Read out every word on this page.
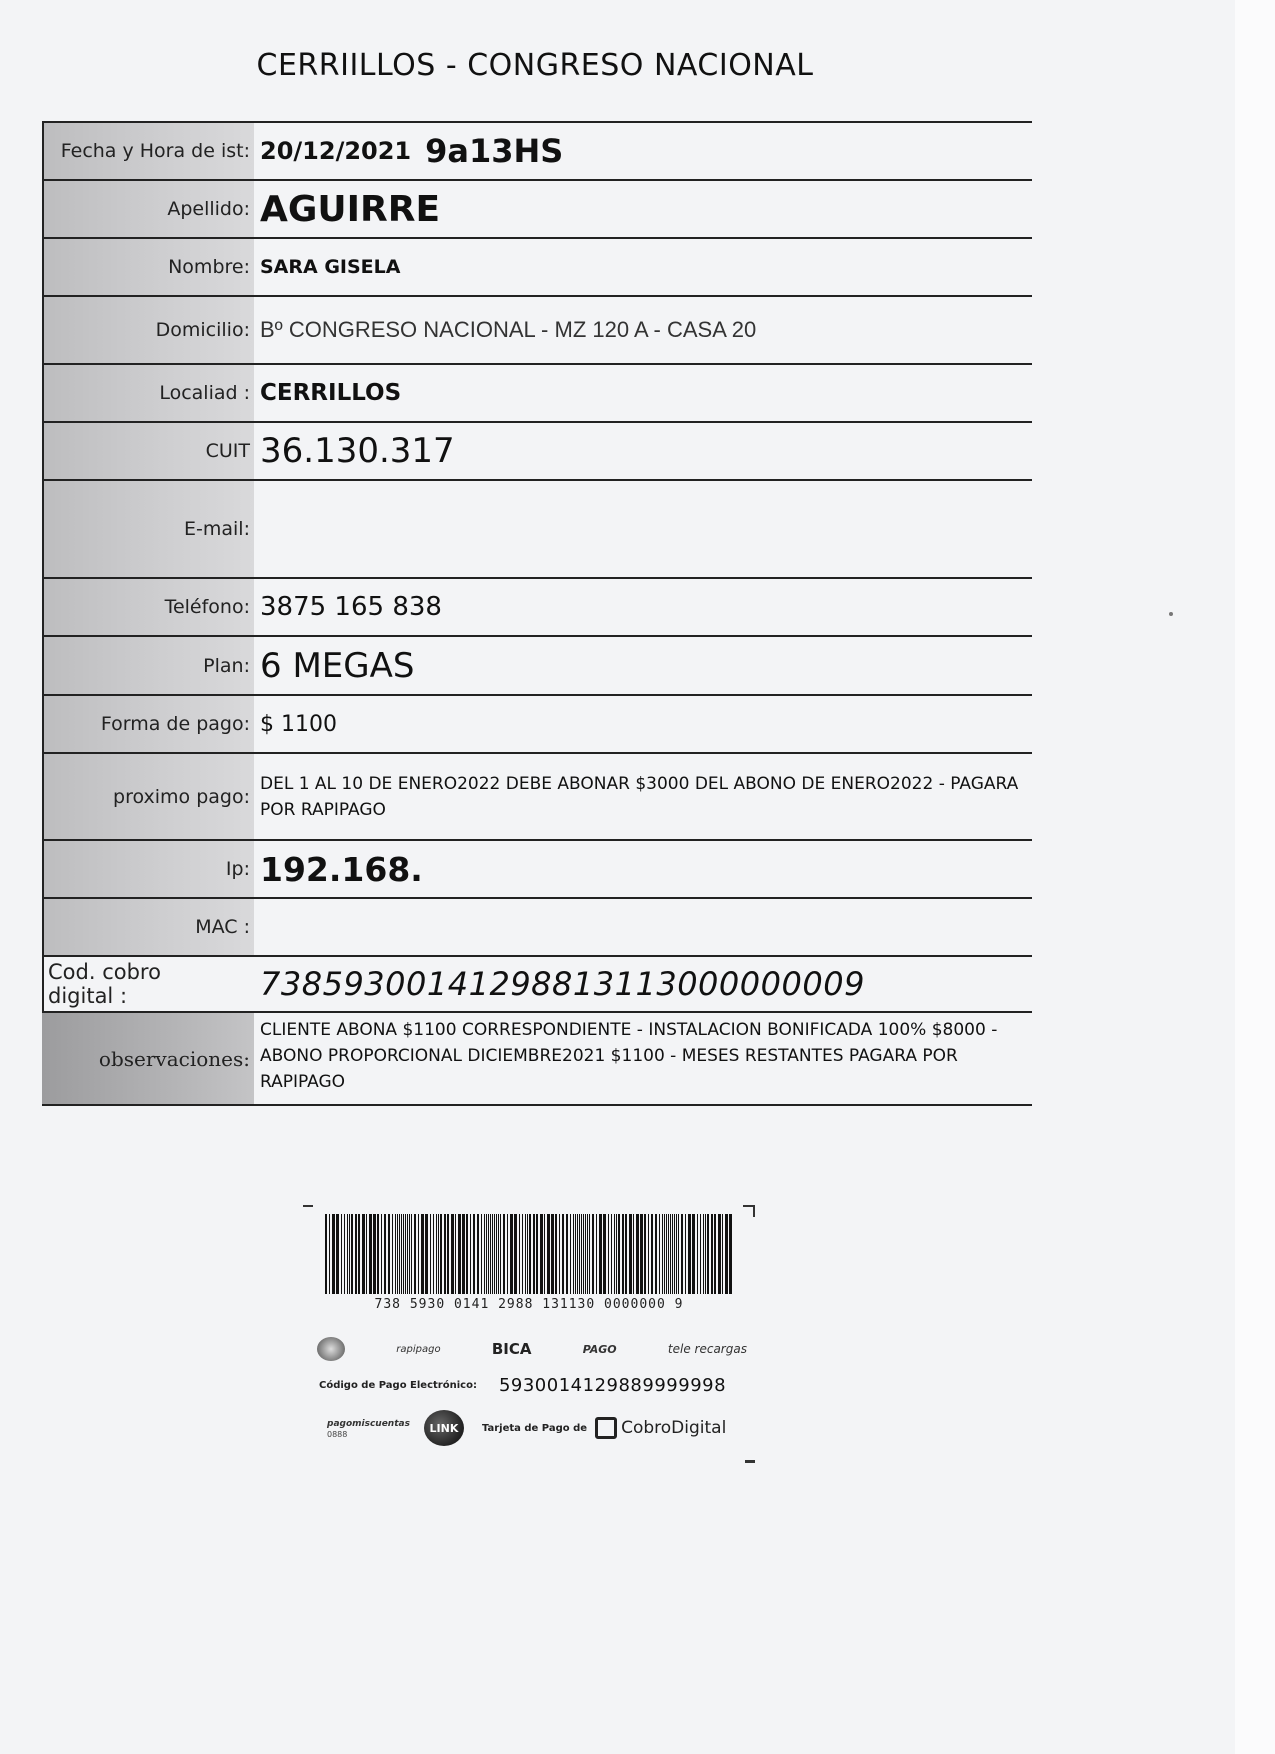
CERRIILLOS - CONGRESO NACIONAL
Fecha y Hora de ist: 20/12/2021 9a13HS
Apellido: AGUIRRE
Nombre: SARA GISELA
Domicilio: Bº CONGRESO NACIONAL - MZ 120 A - CASA 20
Localiad : CERRILLOS
CUIT 36.130.317
E-mail:
Teléfono: 3875 165 838
Plan: 6 MEGAS
Forma de pago: $ 1100
proximo pago:
DEL 1 AL 10 DE ENERO2022 DEBE ABONAR $3000 DEL ABONO DE ENERO2022 - PAGARA POR RAPIPAGO
Ip: 192.168.
MAC :
Cod. cobro digital :	73859300141298813113000000009
observaciones:
CLIENTE ABONA $1100 CORRESPONDIENTE - INSTALACION BONIFICADA 100% $8000 - ABONO PROPORCIONAL DICIEMBRE2021 $1100 - MESES RESTANTES PAGARA POR RAPIPAGO
738 5930 0141 2988 131130 0000000 9
rapipago	BICA	PAGO	tele recargas
Código de Pago Electrónico: 5930014129889999998
pagomiscuentas
0888	LINK	Tarjeta de Pago de CobroDigital
